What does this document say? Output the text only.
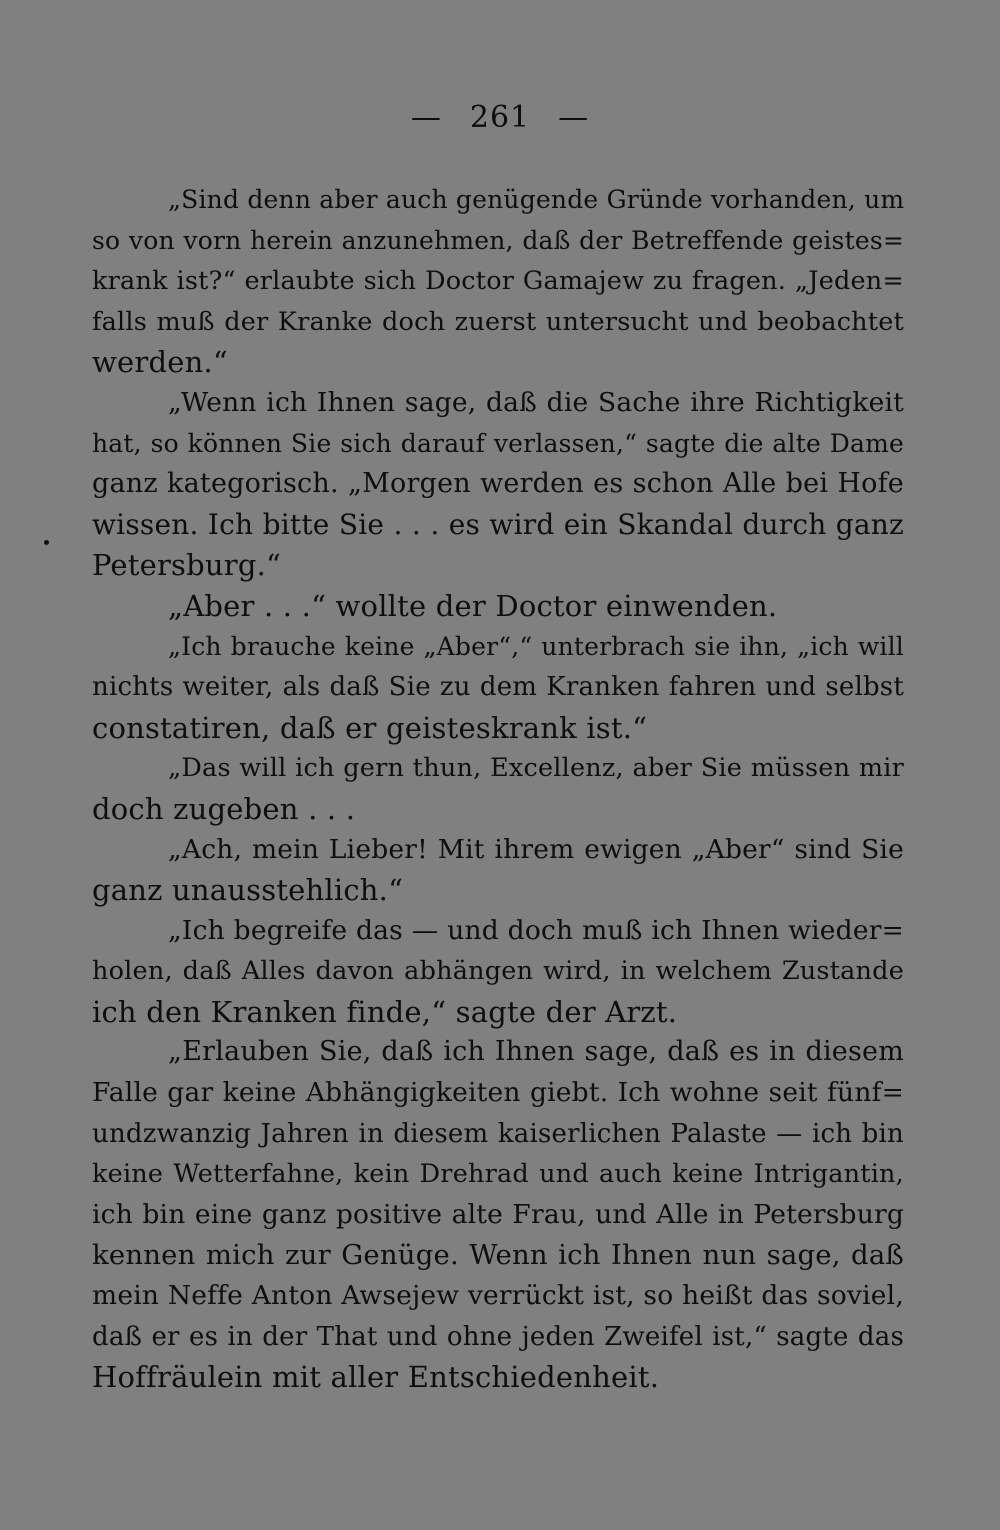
— 261 —
„Sind denn aber auch genügende Gründe vorhanden, um
so von vorn herein anzunehmen, daß der Betreffende geistes=
krank ist?“ erlaubte sich Doctor Gamajew zu fragen. „Jeden=
falls muß der Kranke doch zuerst untersucht und beobachtet
werden.“
„Wenn ich Ihnen sage, daß die Sache ihre Richtigkeit
hat, so können Sie sich darauf verlassen,“ sagte die alte Dame
ganz kategorisch. „Morgen werden es schon Alle bei Hofe
wissen. Ich bitte Sie . . . es wird ein Skandal durch ganz
Petersburg.“
„Aber . . .“ wollte der Doctor einwenden.
„Ich brauche keine „Aber“,“ unterbrach sie ihn, „ich will
nichts weiter, als daß Sie zu dem Kranken fahren und selbst
constatiren, daß er geisteskrank ist.“
„Das will ich gern thun, Excellenz, aber Sie müssen mir
doch zugeben . . .
„Ach, mein Lieber! Mit ihrem ewigen „Aber“ sind Sie
ganz unausstehlich.“
„Ich begreife das — und doch muß ich Ihnen wieder=
holen, daß Alles davon abhängen wird, in welchem Zustande
ich den Kranken finde,“ sagte der Arzt.
„Erlauben Sie, daß ich Ihnen sage, daß es in diesem
Falle gar keine Abhängigkeiten giebt. Ich wohne seit fünf=
undzwanzig Jahren in diesem kaiserlichen Palaste — ich bin
keine Wetterfahne, kein Drehrad und auch keine Intrigantin,
ich bin eine ganz positive alte Frau, und Alle in Petersburg
kennen mich zur Genüge. Wenn ich Ihnen nun sage, daß
mein Neffe Anton Awsejew verrückt ist, so heißt das soviel,
daß er es in der That und ohne jeden Zweifel ist,“ sagte das
Hoffräulein mit aller Entschiedenheit.
